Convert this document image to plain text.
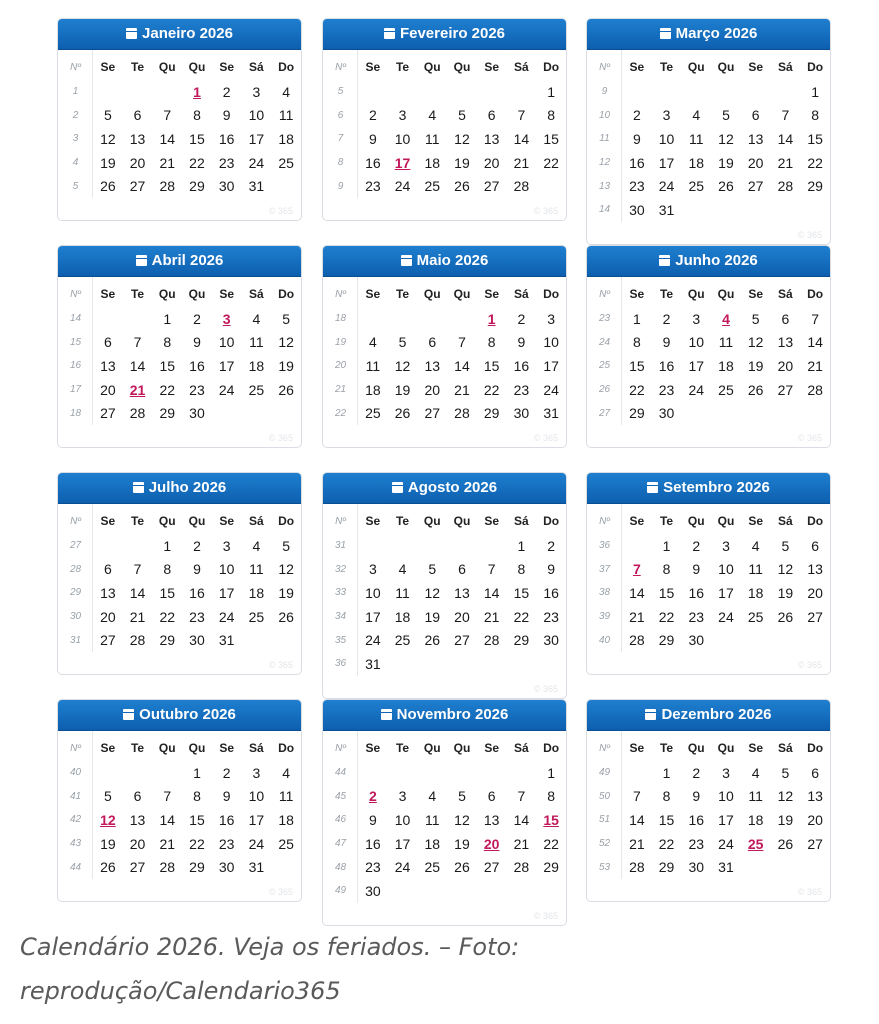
Janeiro 2026
Nº	Se	Te	Qu	Qu	Se	Sá	Do
1				1	2	3	4
2	5	6	7	8	9	10	11
3	12	13	14	15	16	17	18
4	19	20	21	22	23	24	25
5	26	27	28	29	30	31	
© 365
Fevereiro 2026
Nº	Se	Te	Qu	Qu	Se	Sá	Do
5							1
6	2	3	4	5	6	7	8
7	9	10	11	12	13	14	15
8	16	17	18	19	20	21	22
9	23	24	25	26	27	28	
© 365
Março 2026
Nº	Se	Te	Qu	Qu	Se	Sá	Do
9							1
10	2	3	4	5	6	7	8
11	9	10	11	12	13	14	15
12	16	17	18	19	20	21	22
13	23	24	25	26	27	28	29
14	30	31					
© 365
Abril 2026
Nº	Se	Te	Qu	Qu	Se	Sá	Do
14			1	2	3	4	5
15	6	7	8	9	10	11	12
16	13	14	15	16	17	18	19
17	20	21	22	23	24	25	26
18	27	28	29	30			
© 365
Maio 2026
Nº	Se	Te	Qu	Qu	Se	Sá	Do
18					1	2	3
19	4	5	6	7	8	9	10
20	11	12	13	14	15	16	17
21	18	19	20	21	22	23	24
22	25	26	27	28	29	30	31
© 365
Junho 2026
Nº	Se	Te	Qu	Qu	Se	Sá	Do
23	1	2	3	4	5	6	7
24	8	9	10	11	12	13	14
25	15	16	17	18	19	20	21
26	22	23	24	25	26	27	28
27	29	30					
© 365
Julho 2026
Nº	Se	Te	Qu	Qu	Se	Sá	Do
27			1	2	3	4	5
28	6	7	8	9	10	11	12
29	13	14	15	16	17	18	19
30	20	21	22	23	24	25	26
31	27	28	29	30	31		
© 365
Agosto 2026
Nº	Se	Te	Qu	Qu	Se	Sá	Do
31						1	2
32	3	4	5	6	7	8	9
33	10	11	12	13	14	15	16
34	17	18	19	20	21	22	23
35	24	25	26	27	28	29	30
36	31						
© 365
Setembro 2026
Nº	Se	Te	Qu	Qu	Se	Sá	Do
36		1	2	3	4	5	6
37	7	8	9	10	11	12	13
38	14	15	16	17	18	19	20
39	21	22	23	24	25	26	27
40	28	29	30				
© 365
Outubro 2026
Nº	Se	Te	Qu	Qu	Se	Sá	Do
40				1	2	3	4
41	5	6	7	8	9	10	11
42	12	13	14	15	16	17	18
43	19	20	21	22	23	24	25
44	26	27	28	29	30	31	
© 365
Novembro 2026
Nº	Se	Te	Qu	Qu	Se	Sá	Do
44							1
45	2	3	4	5	6	7	8
46	9	10	11	12	13	14	15
47	16	17	18	19	20	21	22
48	23	24	25	26	27	28	29
49	30						
© 365
Dezembro 2026
Nº	Se	Te	Qu	Qu	Se	Sá	Do
49		1	2	3	4	5	6
50	7	8	9	10	11	12	13
51	14	15	16	17	18	19	20
52	21	22	23	24	25	26	27
53	28	29	30	31			
© 365
Calendário 2026. Veja os feriados. – Foto:
reprodução/Calendario365
